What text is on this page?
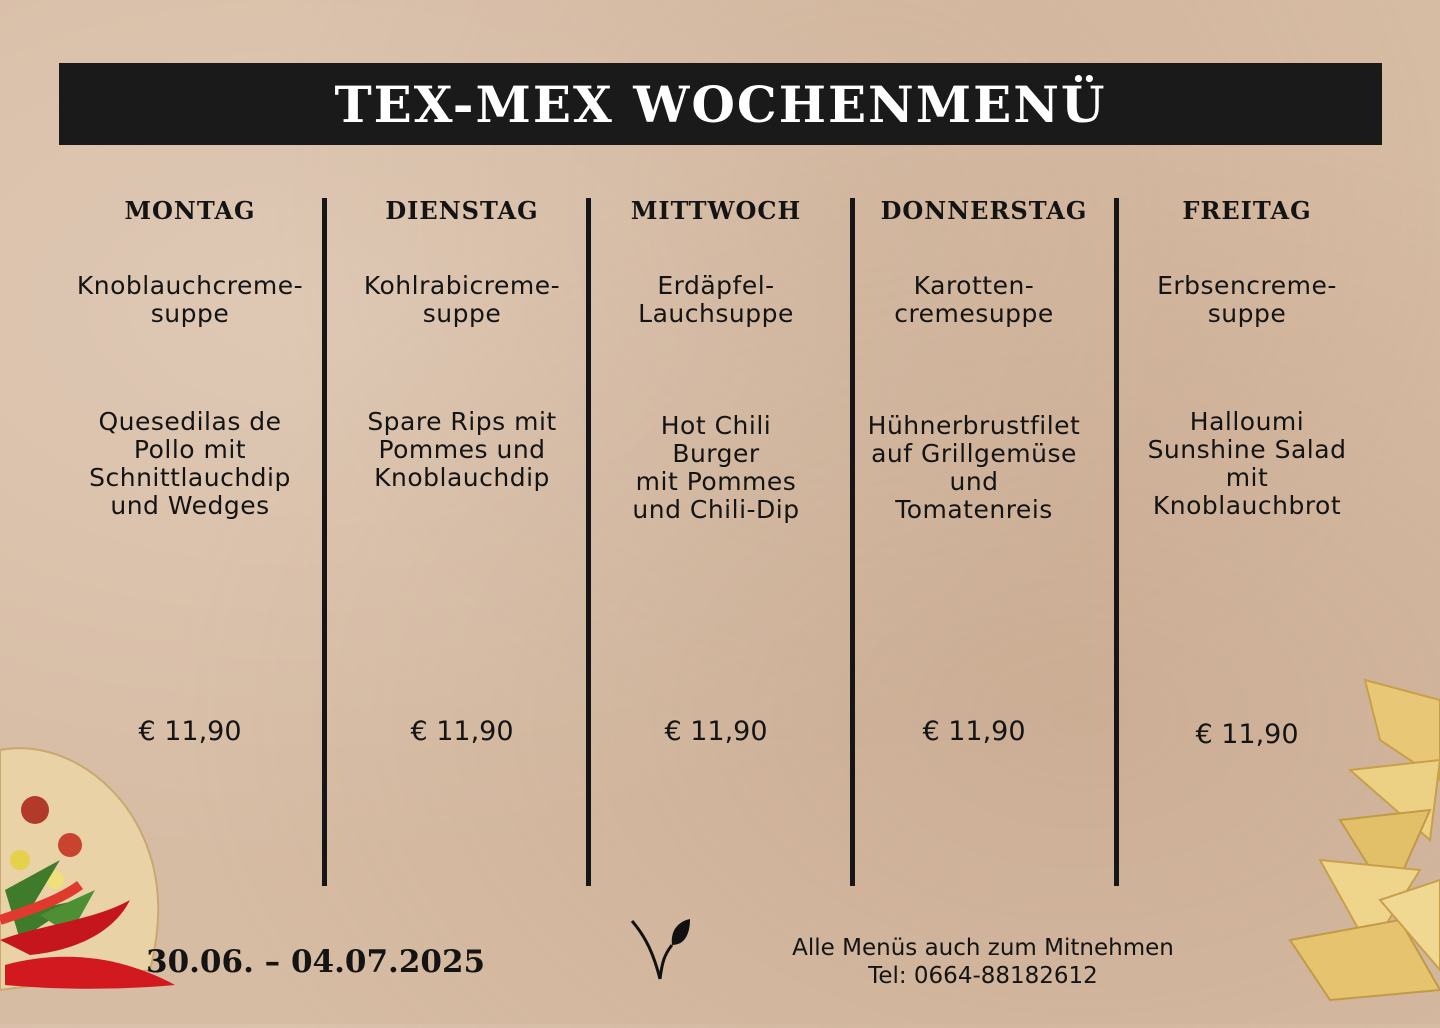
TEX-MEX WOCHENMENÜ
MONTAG
Knoblauchcreme-
suppe
Quesedilas de
Pollo mit
Schnittlauchdip
und Wedges
€ 11,90
DIENSTAG
Kohlrabicreme-
suppe
Spare Rips mit
Pommes und
Knoblauchdip
€ 11,90
MITTWOCH
Erdäpfel-
Lauchsuppe
Hot Chili
Burger
mit Pommes
und Chili-Dip
€ 11,90
DONNERSTAG
Karotten-
cremesuppe
Hühnerbrustfilet
auf Grillgemüse
und
Tomatenreis
€ 11,90
FREITAG
Erbsencreme-
suppe
Halloumi
Sunshine Salad
mit
Knoblauchbrot
€ 11,90
30.06. – 04.07.2025	Alle Menüs auch zum Mitnehmen
Tel: 0664-88182612
